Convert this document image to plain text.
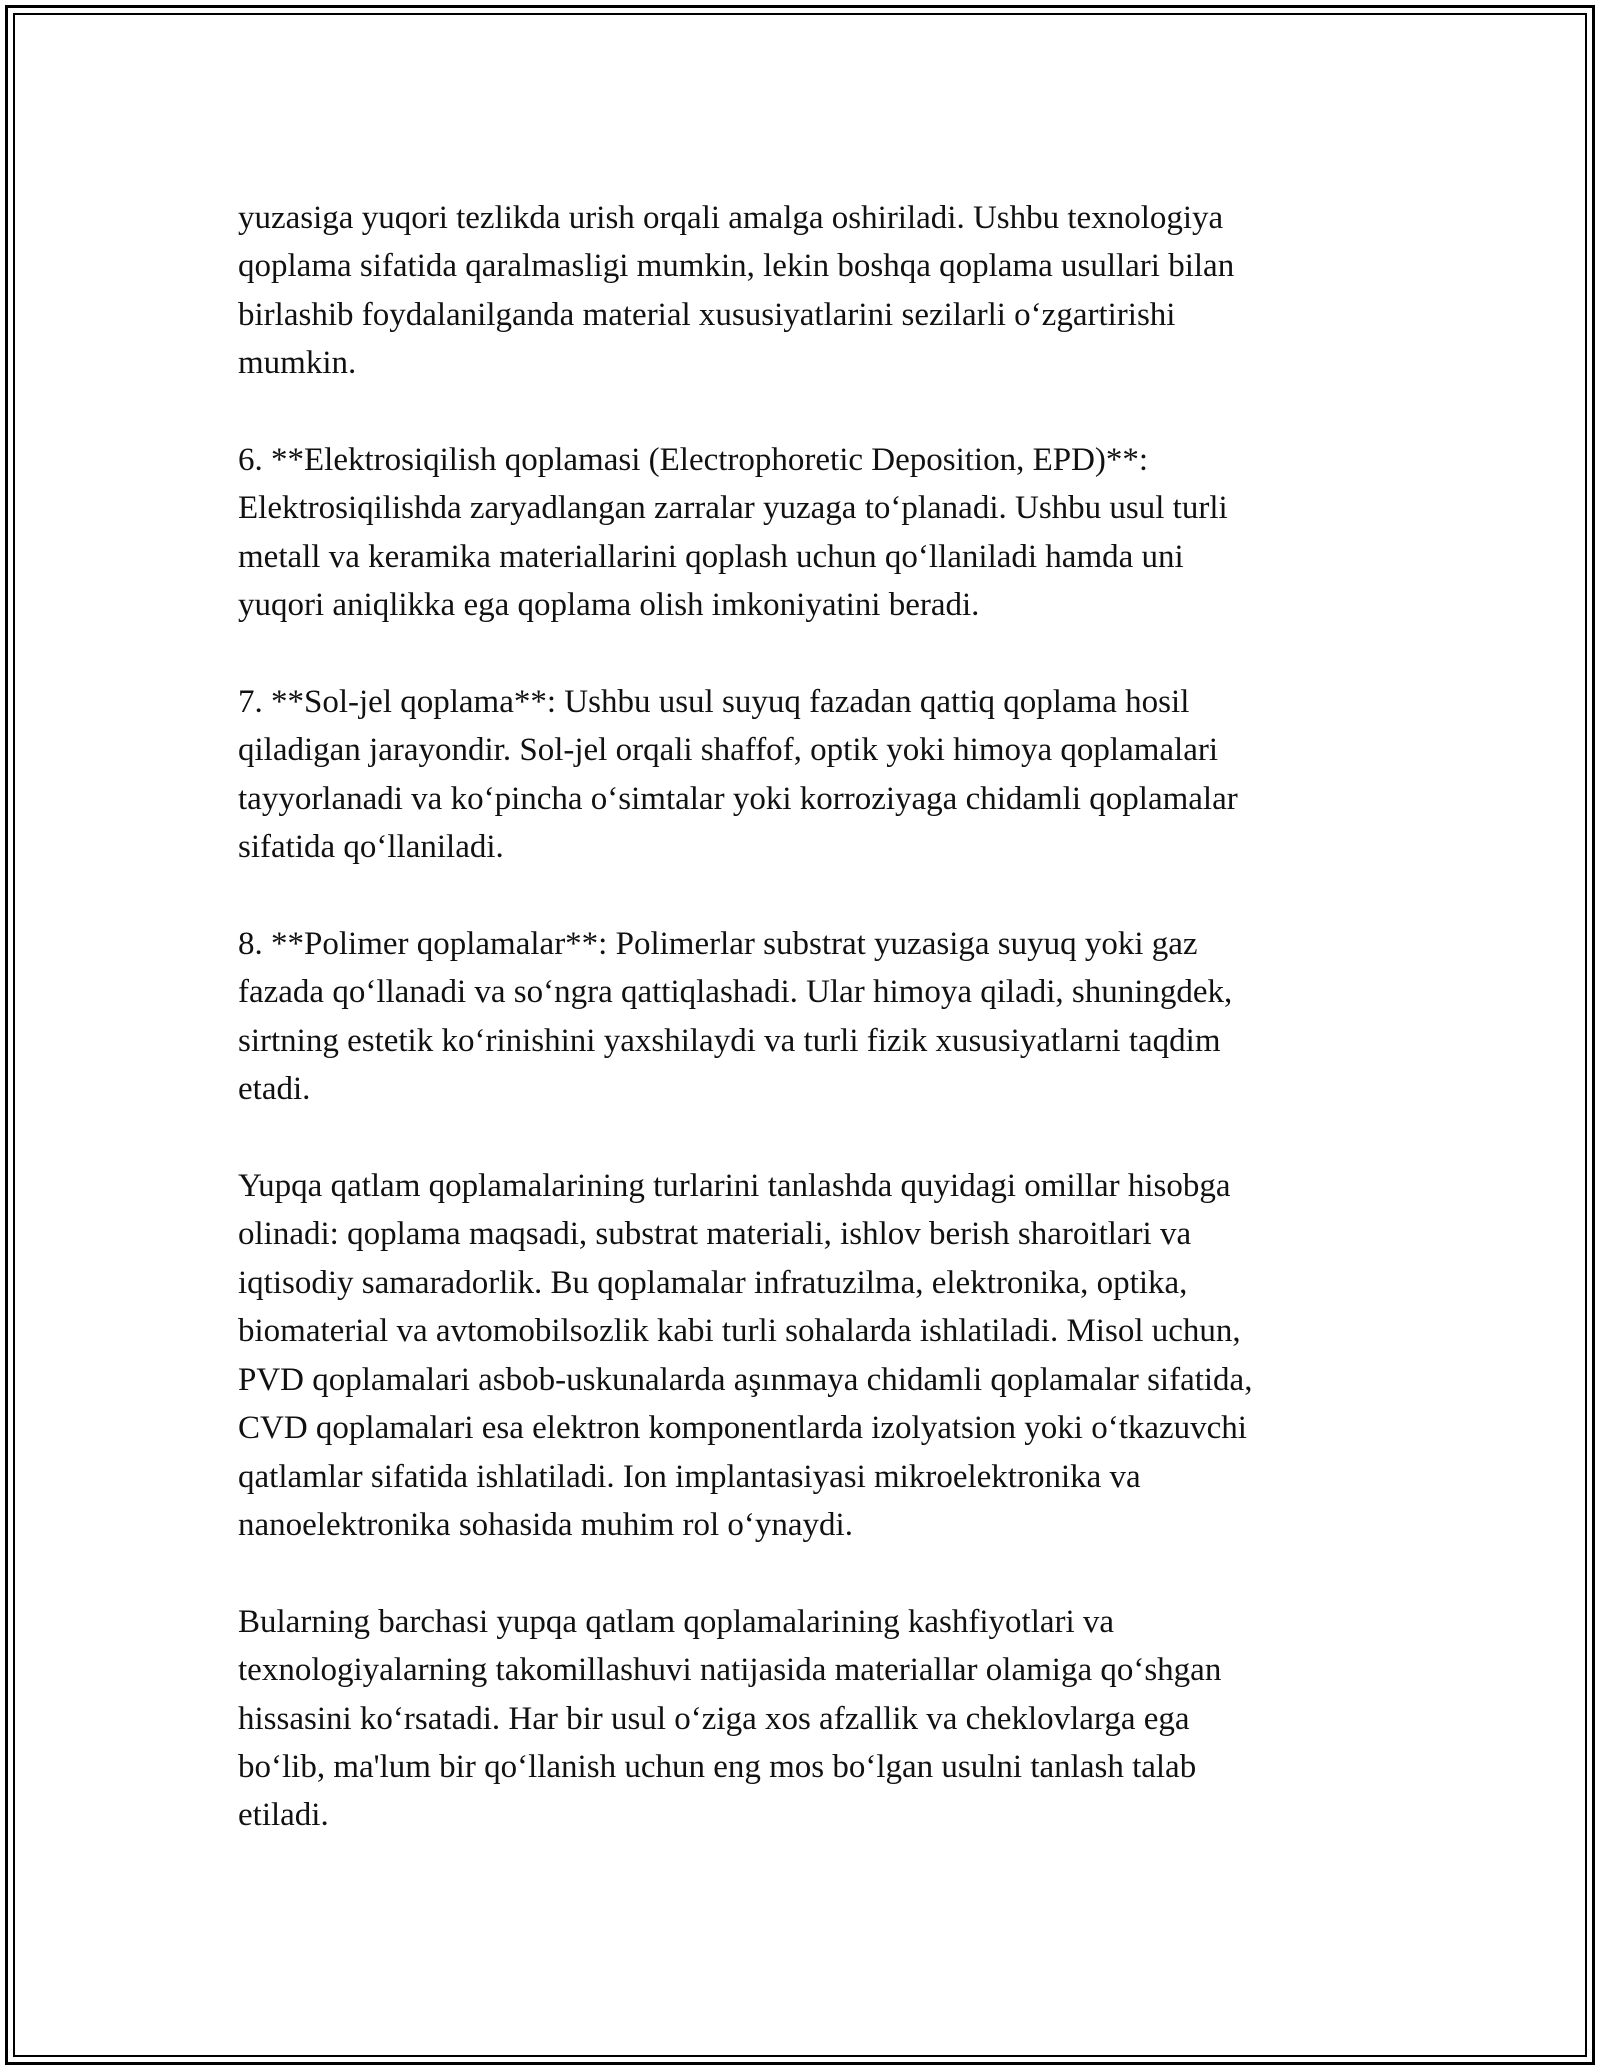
yuzasiga yuqori tezlikda urish orqali amalga oshiriladi. Ushbu texnologiya
qoplama sifatida qaralmasligi mumkin, lekin boshqa qoplama usullari bilan
birlashib foydalanilganda material xususiyatlarini sezilarli o‘zgartirishi
mumkin.

6. **Elektrosiqilish qoplamasi (Electrophoretic Deposition, EPD)**:
Elektrosiqilishda zaryadlangan zarralar yuzaga to‘planadi. Ushbu usul turli
metall va keramika materiallarini qoplash uchun qo‘llaniladi hamda uni
yuqori aniqlikka ega qoplama olish imkoniyatini beradi.

7. **Sol-jel qoplama**: Ushbu usul suyuq fazadan qattiq qoplama hosil
qiladigan jarayondir. Sol-jel orqali shaffof, optik yoki himoya qoplamalari
tayyorlanadi va ko‘pincha o‘simtalar yoki korroziyaga chidamli qoplamalar
sifatida qo‘llaniladi.

8. **Polimer qoplamalar**: Polimerlar substrat yuzasiga suyuq yoki gaz
fazada qo‘llanadi va so‘ngra qattiqlashadi. Ular himoya qiladi, shuningdek,
sirtning estetik ko‘rinishini yaxshilaydi va turli fizik xususiyatlarni taqdim
etadi.

Yupqa qatlam qoplamalarining turlarini tanlashda quyidagi omillar hisobga
olinadi: qoplama maqsadi, substrat materiali, ishlov berish sharoitlari va
iqtisodiy samaradorlik. Bu qoplamalar infratuzilma, elektronika, optika,
biomaterial va avtomobilsozlik kabi turli sohalarda ishlatiladi. Misol uchun,
PVD qoplamalari asbob-uskunalarda aşınmaya chidamli qoplamalar sifatida,
CVD qoplamalari esa elektron komponentlarda izolyatsion yoki o‘tkazuvchi
qatlamlar sifatida ishlatiladi. Ion implantasiyasi mikroelektronika va
nanoelektronika sohasida muhim rol o‘ynaydi.

Bularning barchasi yupqa qatlam qoplamalarining kashfiyotlari va
texnologiyalarning takomillashuvi natijasida materiallar olamiga qo‘shgan
hissasini ko‘rsatadi. Har bir usul o‘ziga xos afzallik va cheklovlarga ega
bo‘lib, ma'lum bir qo‘llanish uchun eng mos bo‘lgan usulni tanlash talab
etiladi.
